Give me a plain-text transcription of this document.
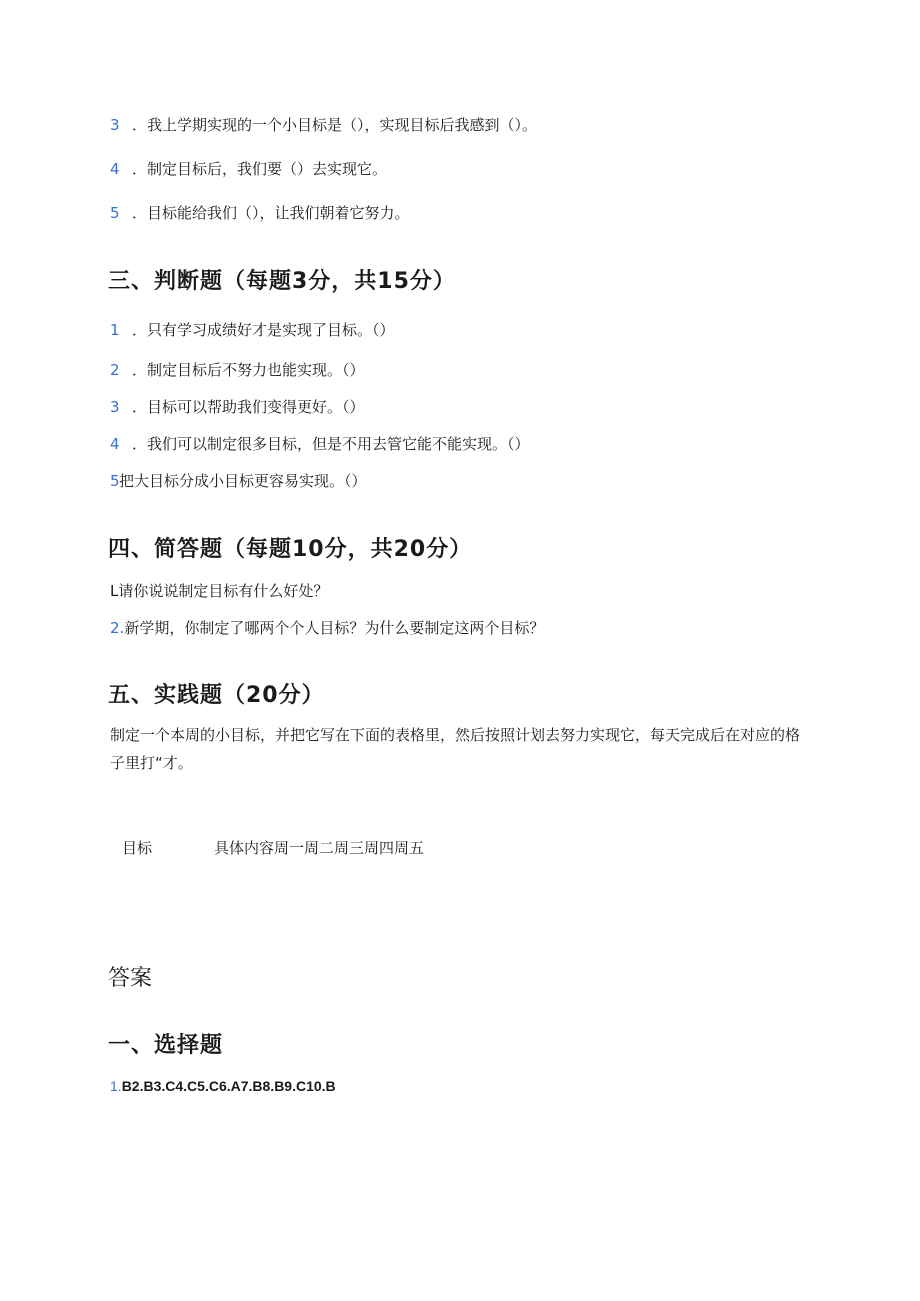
3 ．我上学期实现的一个小目标是（），实现目标后我感到（）。
4 ．制定目标后，我们要（）去实现它。
5 ．目标能给我们（），让我们朝着它努力。
三、判断题（每题3分，共15分）
1 ．只有学习成绩好才是实现了目标。（）
2 ．制定目标后不努力也能实现。（）
3 ．目标可以帮助我们变得更好。（）
4 ．我们可以制定很多目标，但是不用去管它能不能实现。（）
5把大目标分成小目标更容易实现。（）
四、简答题（每题10分，共20分）
L请你说说制定目标有什么好处？
2.新学期，你制定了哪两个个人目标？为什么要制定这两个目标？
五、实践题（20分）
制定一个本周的小目标，并把它写在下面的表格里，然后按照计划去努力实现它，每天完成后在对应的格子里打“才。
目标	具体内容周一周二周三周四周五
答案
一、选择题
1.B2.B3.C4.C5.C6.A7.B8.B9.C10.B
